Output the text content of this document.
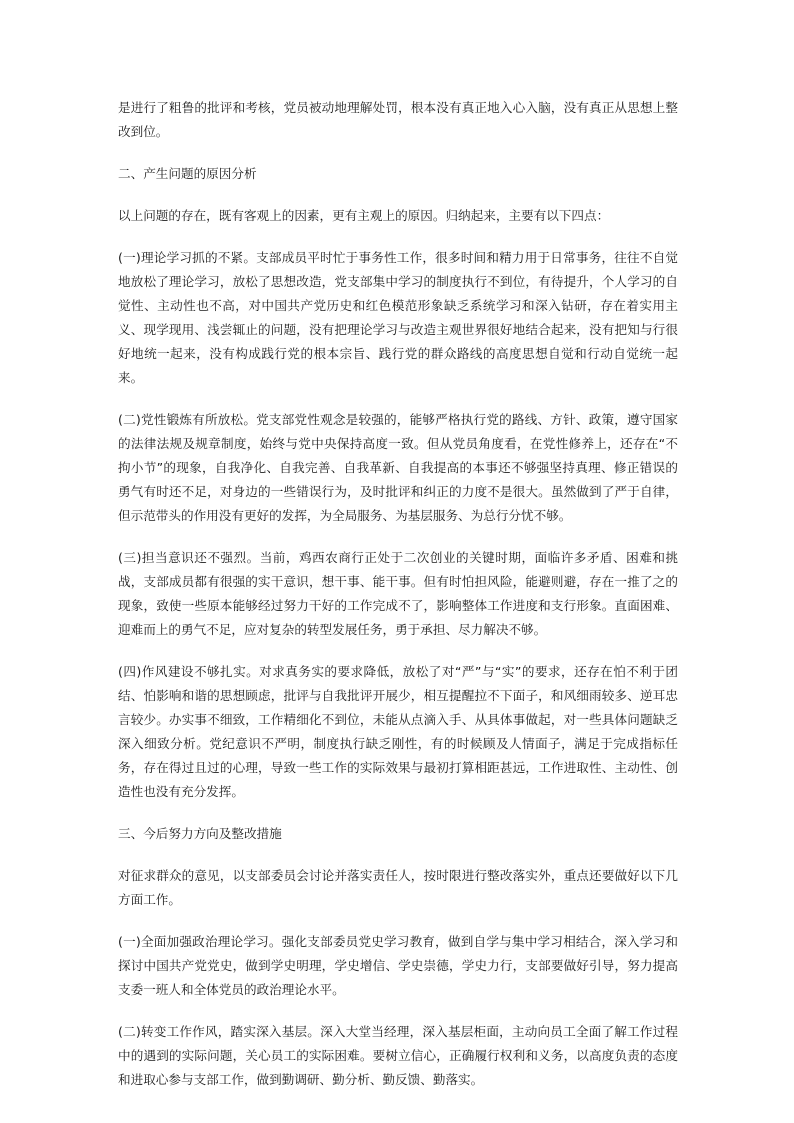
是进行了粗鲁的批评和考核，党员被动地理解处罚，根本没有真正地入心入脑，没有真正从思想上整改到位。

二、产生问题的原因分析

以上问题的存在，既有客观上的因素，更有主观上的原因。归纳起来，主要有以下四点：

(一)理论学习抓的不紧。支部成员平时忙于事务性工作，很多时间和精力用于日常事务，往往不自觉地放松了理论学习，放松了思想改造，党支部集中学习的制度执行不到位，有待提升，个人学习的自觉性、主动性也不高，对中国共产党历史和红色模范形象缺乏系统学习和深入钻研，存在着实用主义、现学现用、浅尝辄止的问题，没有把理论学习与改造主观世界很好地结合起来，没有把知与行很好地统一起来，没有构成践行党的根本宗旨、践行党的群众路线的高度思想自觉和行动自觉统一起来。

(二)党性锻炼有所放松。党支部党性观念是较强的，能够严格执行党的路线、方针、政策，遵守国家的法律法规及规章制度，始终与党中央保持高度一致。但从党员角度看，在党性修养上，还存在“不拘小节”的现象，自我净化、自我完善、自我革新、自我提高的本事还不够强坚持真理、修正错误的勇气有时还不足，对身边的一些错误行为，及时批评和纠正的力度不是很大。虽然做到了严于自律，但示范带头的作用没有更好的发挥，为全局服务、为基层服务、为总行分忧不够。

(三)担当意识还不强烈。当前，鸡西农商行正处于二次创业的关键时期，面临许多矛盾、困难和挑战，支部成员都有很强的实干意识，想干事、能干事。但有时怕担风险，能避则避，存在一推了之的现象，致使一些原本能够经过努力干好的工作完成不了，影响整体工作进度和支行形象。直面困难、迎难而上的勇气不足，应对复杂的转型发展任务，勇于承担、尽力解决不够。

(四)作风建设不够扎实。对求真务实的要求降低，放松了对“严”与“实”的要求，还存在怕不利于团结、怕影响和谐的思想顾虑，批评与自我批评开展少，相互提醒拉不下面子，和风细雨较多、逆耳忠言较少。办实事不细致，工作精细化不到位，未能从点滴入手、从具体事做起，对一些具体问题缺乏深入细致分析。党纪意识不严明，制度执行缺乏刚性，有的时候顾及人情面子，满足于完成指标任务，存在得过且过的心理，导致一些工作的实际效果与最初打算相距甚远，工作进取性、主动性、创造性也没有充分发挥。

三、今后努力方向及整改措施

对征求群众的意见，以支部委员会讨论并落实责任人，按时限进行整改落实外，重点还要做好以下几方面工作。

(一)全面加强政治理论学习。强化支部委员党史学习教育，做到自学与集中学习相结合，深入学习和探讨中国共产党党史，做到学史明理，学史增信、学史崇德，学史力行，支部要做好引导，努力提高支委一班人和全体党员的政治理论水平。

(二)转变工作作风，踏实深入基层。深入大堂当经理，深入基层柜面，主动向员工全面了解工作过程中的遇到的实际问题，关心员工的实际困难。要树立信心，正确履行权利和义务，以高度负责的态度和进取心参与支部工作，做到勤调研、勤分析、勤反馈、勤落实。
